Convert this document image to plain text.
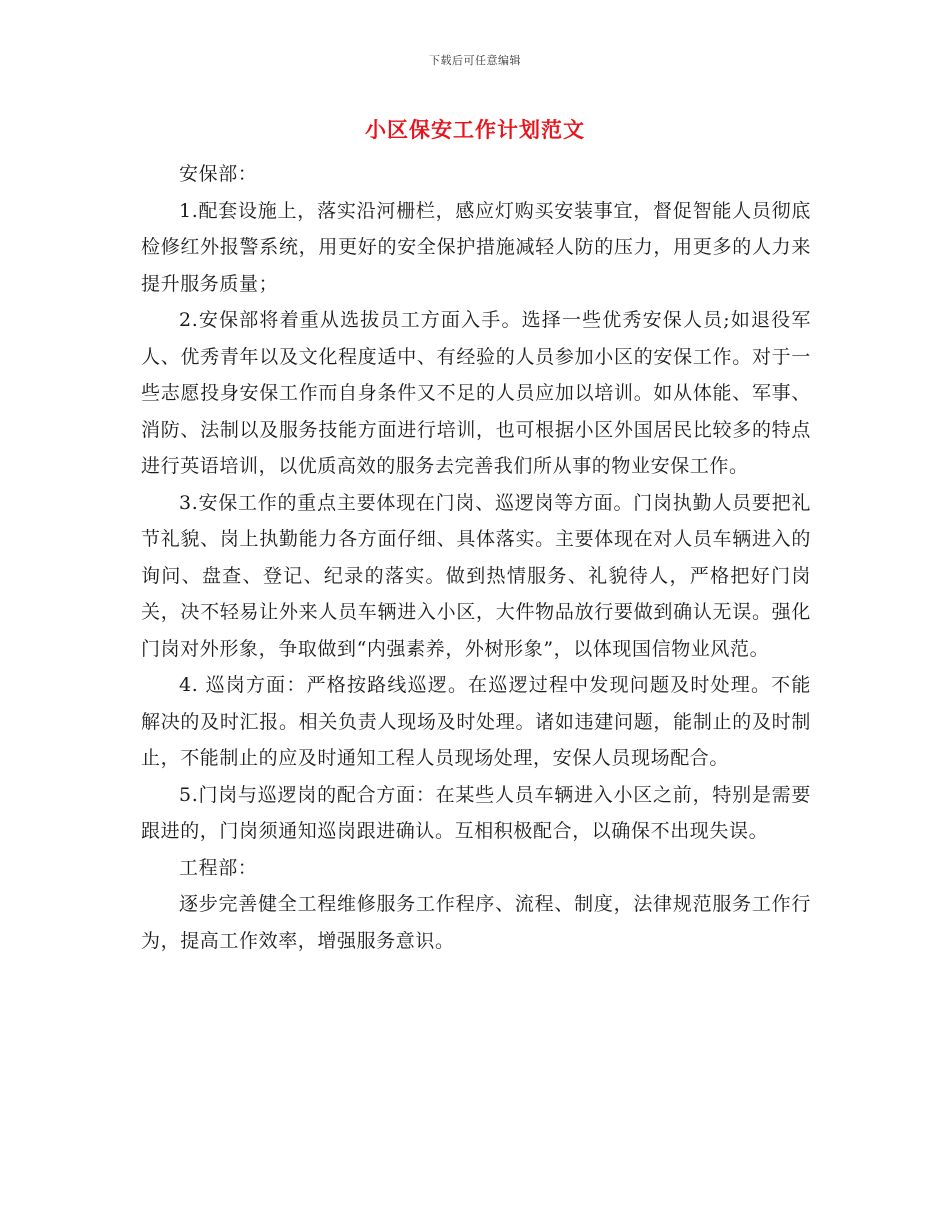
下载后可任意编辑
小区保安工作计划范文

安保部：

1.配套设施上，落实沿河栅栏，感应灯购买安装事宜，督促智能人员彻底检修红外报警系统，用更好的安全保护措施减轻人防的压力，用更多的人力来提升服务质量；

2.安保部将着重从选拔员工方面入手。选择一些优秀安保人员;如退役军人、优秀青年以及文化程度适中、有经验的人员参加小区的安保工作。对于一些志愿投身安保工作而自身条件又不足的人员应加以培训。如从体能、军事、消防、法制以及服务技能方面进行培训，也可根据小区外国居民比较多的特点进行英语培训，以优质高效的服务去完善我们所从事的物业安保工作。

3.安保工作的重点主要体现在门岗、巡逻岗等方面。门岗执勤人员要把礼节礼貌、岗上执勤能力各方面仔细、具体落实。主要体现在对人员车辆进入的询问、盘查、登记、纪录的落实。做到热情服务、礼貌待人，严格把好门岗关，决不轻易让外来人员车辆进入小区，大件物品放行要做到确认无误。强化门岗对外形象，争取做到“内强素养，外树形象”，以体现国信物业风范。

4. 巡岗方面：严格按路线巡逻。在巡逻过程中发现问题及时处理。不能解决的及时汇报。相关负责人现场及时处理。诸如违建问题，能制止的及时制止，不能制止的应及时通知工程人员现场处理，安保人员现场配合。

5.门岗与巡逻岗的配合方面：在某些人员车辆进入小区之前，特别是需要跟进的，门岗须通知巡岗跟进确认。互相积极配合，以确保不出现失误。

工程部：

逐步完善健全工程维修服务工作程序、流程、制度，法律规范服务工作行为，提高工作效率，增强服务意识。
